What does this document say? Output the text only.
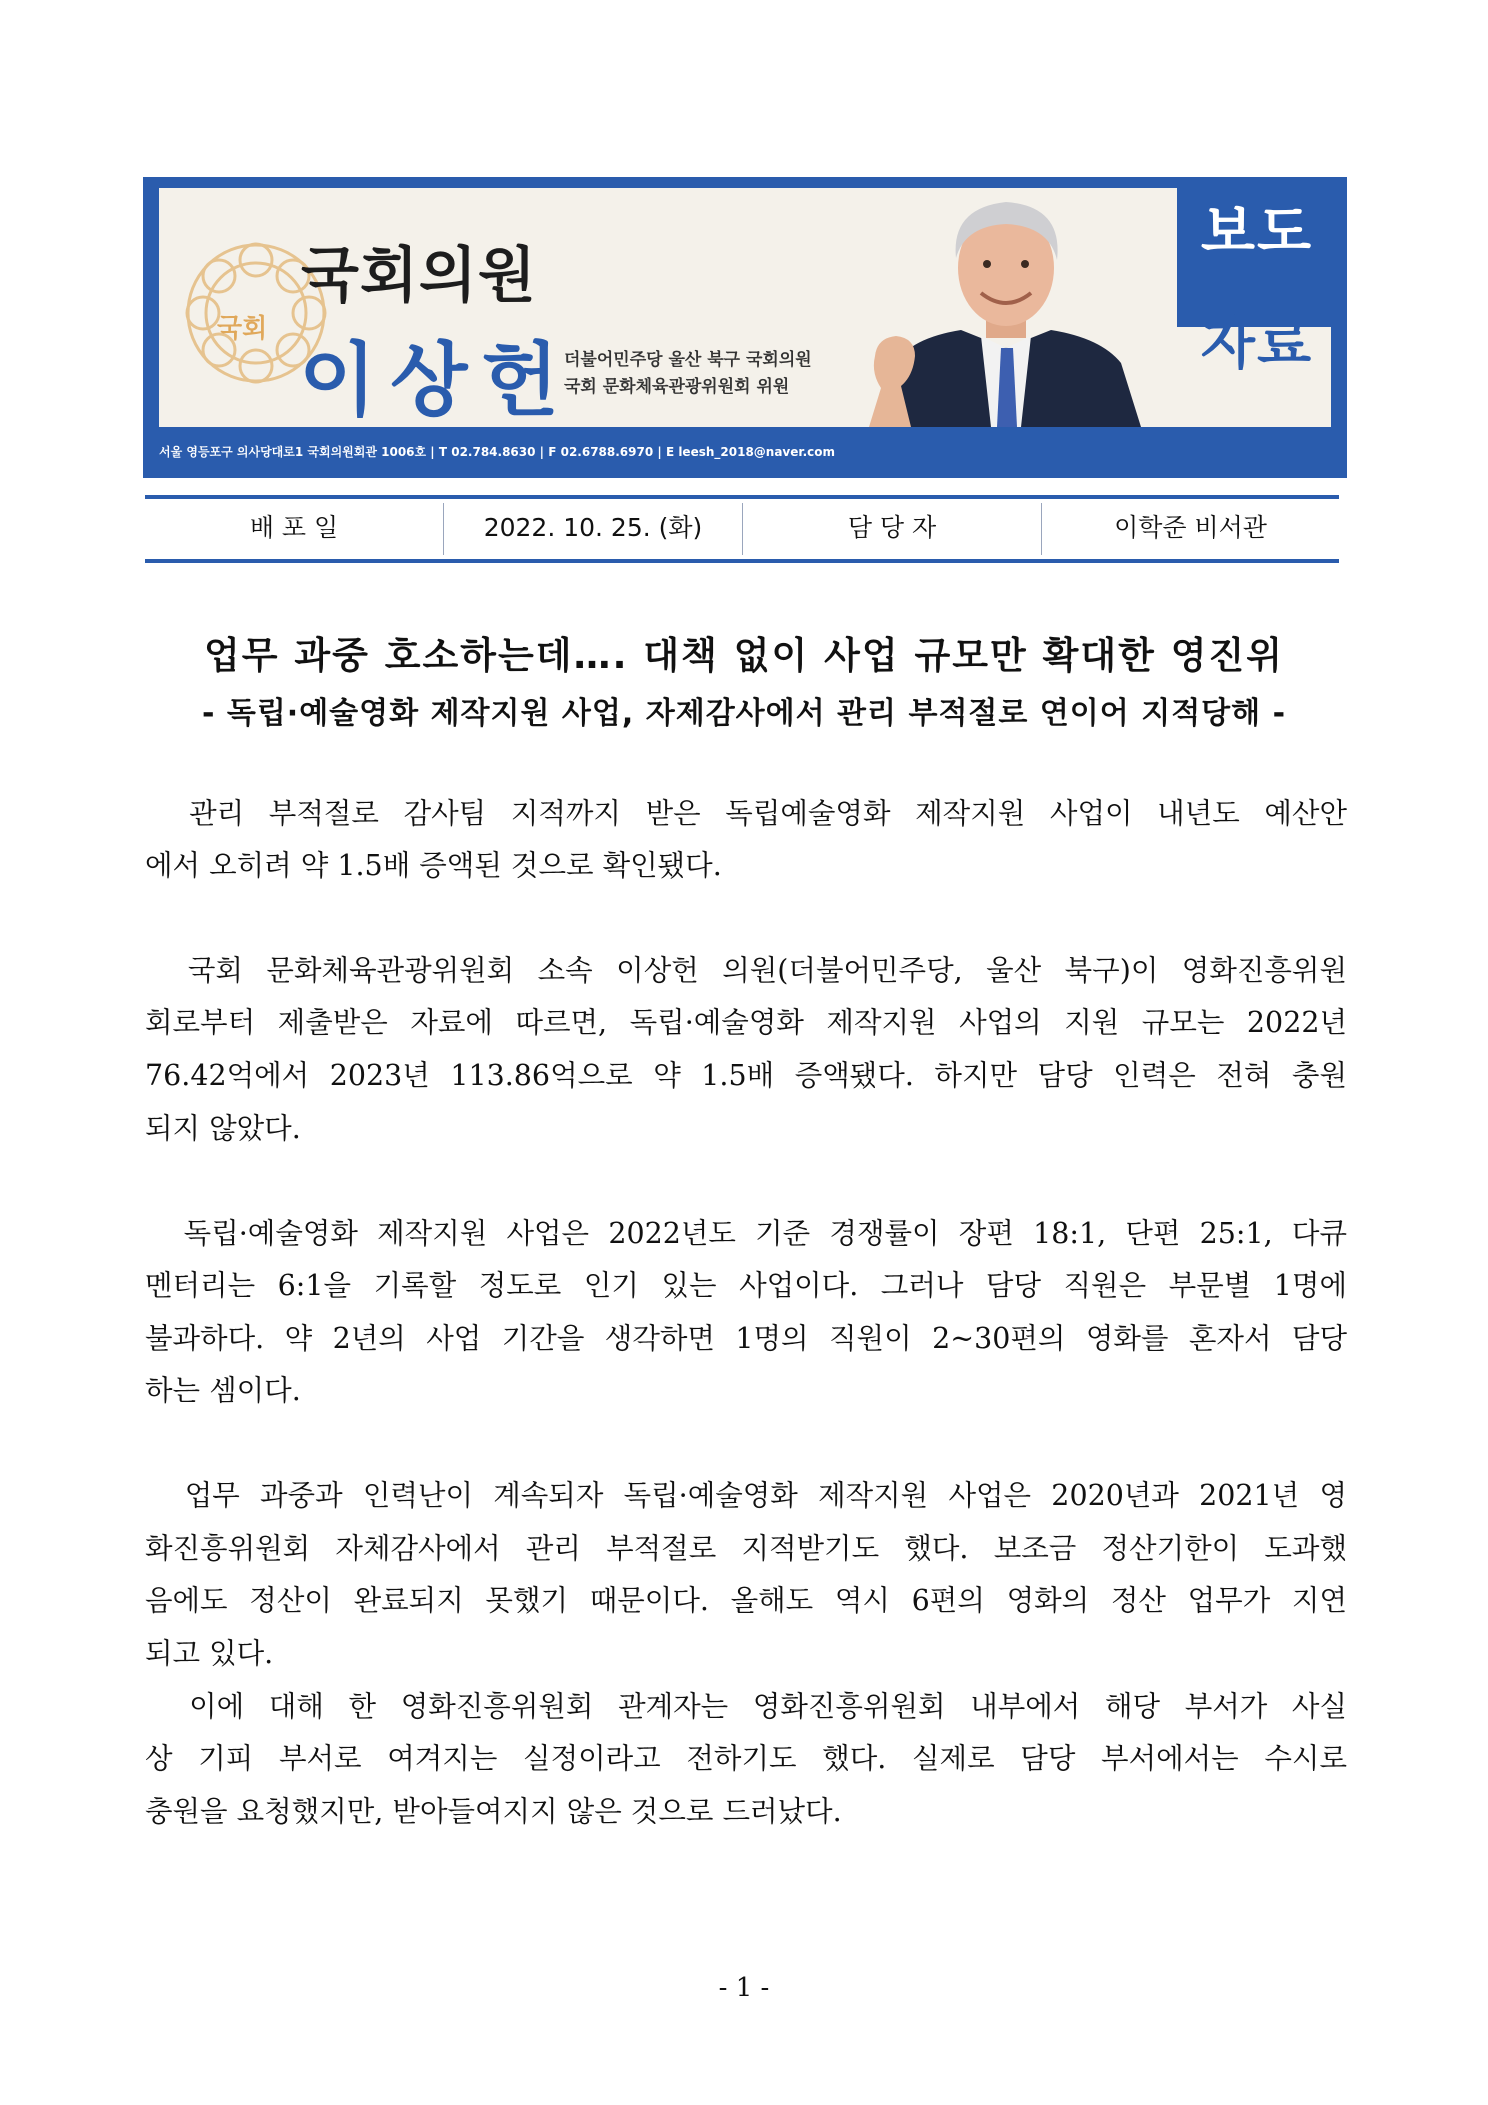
국회
국회의원
이상헌
더불어민주당 울산 북구 국회의원
국회 문화체육관광위원회 위원
보도
자료
서울 영등포구 의사당대로1 국회의원회관 1006호 | T 02.784.8630 | F 02.6788.6970 | E leesh_2018@naver.com
배 포 일	2022. 10. 25. (화)	담 당 자	이학준 비서관
업무 과중 호소하는데…. 대책 없이 사업 규모만 확대한 영진위
- 독립·예술영화 제작지원 사업, 자제감사에서 관리 부적절로 연이어 지적당해 -
　관리 부적절로 감사팀 지적까지 받은 독립예술영화 제작지원 사업이 내년도 예산안
에서 오히려 약 1.5배 증액된 것으로 확인됐다.
　국회 문화체육관광위원회 소속 이상헌 의원(더불어민주당, 울산 북구)이 영화진흥위원
회로부터 제출받은 자료에 따르면, 독립·예술영화 제작지원 사업의 지원 규모는 2022년
76.42억에서 2023년 113.86억으로 약 1.5배 증액됐다. 하지만 담당 인력은 전혀 충원
되지 않았다.
　독립·예술영화 제작지원 사업은 2022년도 기준 경쟁률이 장편 18:1, 단편 25:1, 다큐
멘터리는 6:1을 기록할 정도로 인기 있는 사업이다. 그러나 담당 직원은 부문별 1명에
불과하다. 약 2년의 사업 기간을 생각하면 1명의 직원이 2~30편의 영화를 혼자서 담당
하는 셈이다.
　업무 과중과 인력난이 계속되자 독립·예술영화 제작지원 사업은 2020년과 2021년 영
화진흥위원회 자체감사에서 관리 부적절로 지적받기도 했다. 보조금 정산기한이 도과했
음에도 정산이 완료되지 못했기 때문이다. 올해도 역시 6편의 영화의 정산 업무가 지연
되고 있다.
　이에 대해 한 영화진흥위원회 관계자는 영화진흥위원회 내부에서 해당 부서가 사실
상 기피 부서로 여겨지는 실정이라고 전하기도 했다. 실제로 담당 부서에서는 수시로
충원을 요청했지만, 받아들여지지 않은 것으로 드러났다.
- 1 -
